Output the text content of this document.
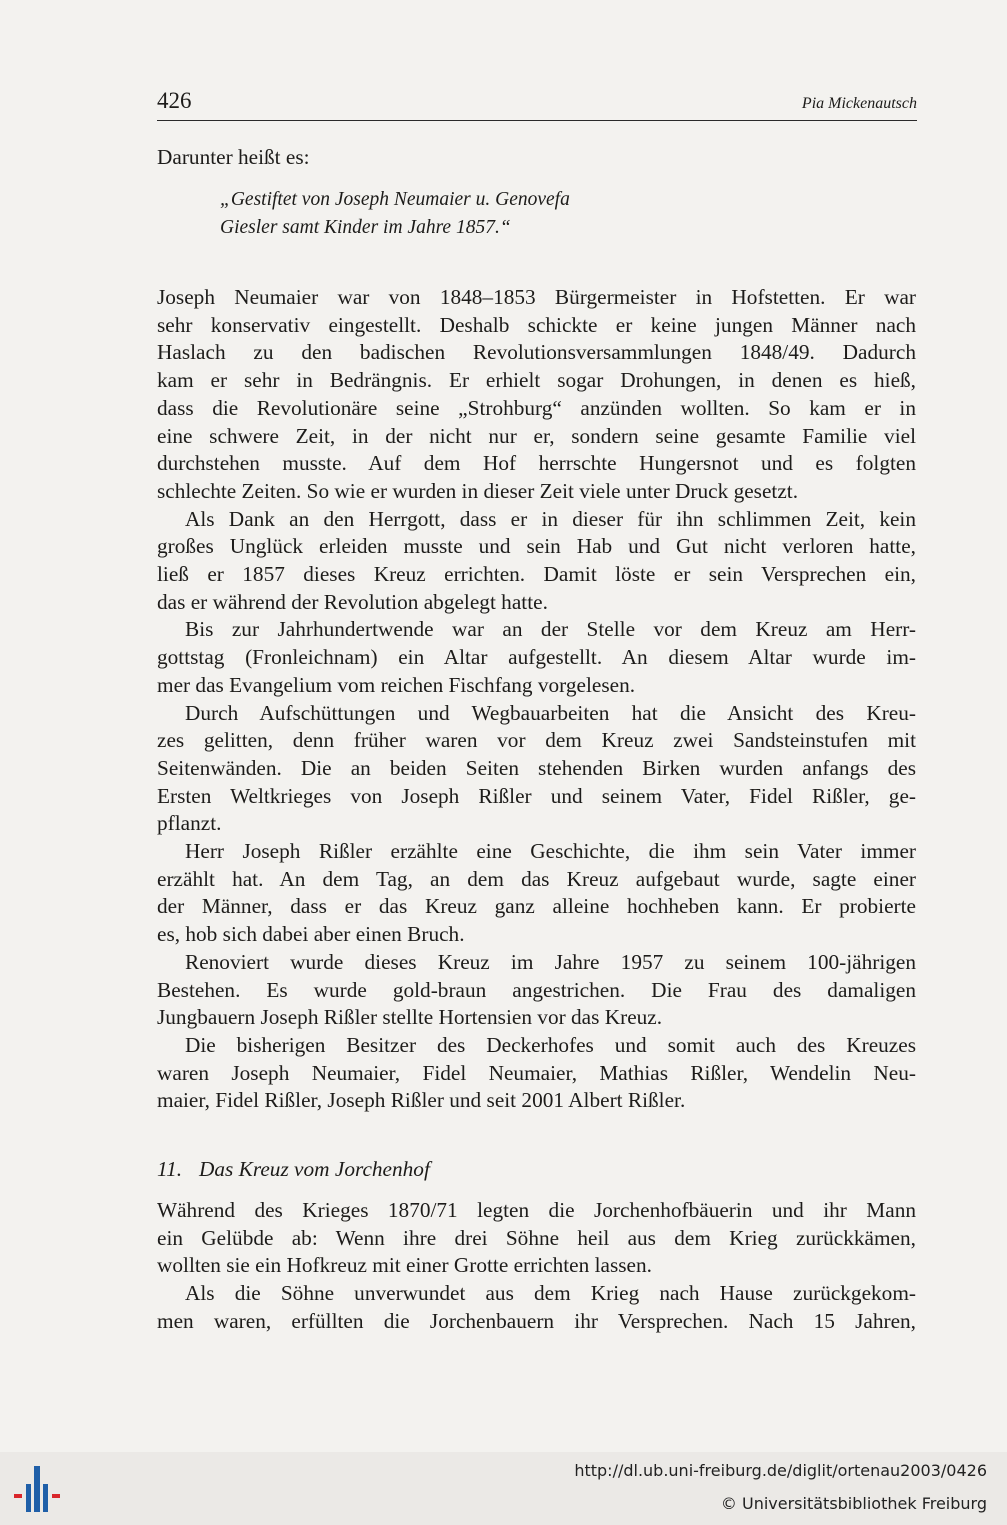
426	Pia Mickenautsch
Darunter heißt es:
„Gestiftet von Joseph Neumaier u. Genovefa
Giesler samt Kinder im Jahre 1857.“
Joseph Neumaier war von 1848–1853 Bürgermeister in Hofstetten. Er war
sehr konservativ eingestellt. Deshalb schickte er keine jungen Männer nach
Haslach zu den badischen Revolutionsversammlungen 1848/49. Dadurch
kam er sehr in Bedrängnis. Er erhielt sogar Drohungen, in denen es hieß,
dass die Revolutionäre seine „Strohburg“ anzünden wollten. So kam er in
eine schwere Zeit, in der nicht nur er, sondern seine gesamte Familie viel
durchstehen musste. Auf dem Hof herrschte Hungersnot und es folgten
schlechte Zeiten. So wie er wurden in dieser Zeit viele unter Druck gesetzt.
Als Dank an den Herrgott, dass er in dieser für ihn schlimmen Zeit, kein
großes Unglück erleiden musste und sein Hab und Gut nicht verloren hatte,
ließ er 1857 dieses Kreuz errichten. Damit löste er sein Versprechen ein,
das er während der Revolution abgelegt hatte.
Bis zur Jahrhundertwende war an der Stelle vor dem Kreuz am Herr-
gottstag (Fronleichnam) ein Altar aufgestellt. An diesem Altar wurde im-
mer das Evangelium vom reichen Fischfang vorgelesen.
Durch Aufschüttungen und Wegbauarbeiten hat die Ansicht des Kreu-
zes gelitten, denn früher waren vor dem Kreuz zwei Sandsteinstufen mit
Seitenwänden. Die an beiden Seiten stehenden Birken wurden anfangs des
Ersten Weltkrieges von Joseph Rißler und seinem Vater, Fidel Rißler, ge-
pflanzt.
Herr Joseph Rißler erzählte eine Geschichte, die ihm sein Vater immer
erzählt hat. An dem Tag, an dem das Kreuz aufgebaut wurde, sagte einer
der Männer, dass er das Kreuz ganz alleine hochheben kann. Er probierte
es, hob sich dabei aber einen Bruch.
Renoviert wurde dieses Kreuz im Jahre 1957 zu seinem 100-jährigen
Bestehen. Es wurde gold-braun angestrichen. Die Frau des damaligen
Jungbauern Joseph Rißler stellte Hortensien vor das Kreuz.
Die bisherigen Besitzer des Deckerhofes und somit auch des Kreuzes
waren Joseph Neumaier, Fidel Neumaier, Mathias Rißler, Wendelin Neu-
maier, Fidel Rißler, Joseph Rißler und seit 2001 Albert Rißler.
11. Das Kreuz vom Jorchenhof
Während des Krieges 1870/71 legten die Jorchenhofbäuerin und ihr Mann
ein Gelübde ab: Wenn ihre drei Söhne heil aus dem Krieg zurückkämen,
wollten sie ein Hofkreuz mit einer Grotte errichten lassen.
Als die Söhne unverwundet aus dem Krieg nach Hause zurückgekom-
men waren, erfüllten die Jorchenbauern ihr Versprechen. Nach 15 Jahren,
http://dl.ub.uni-freiburg.de/diglit/ortenau2003/0426
© Universitätsbibliothek Freiburg
